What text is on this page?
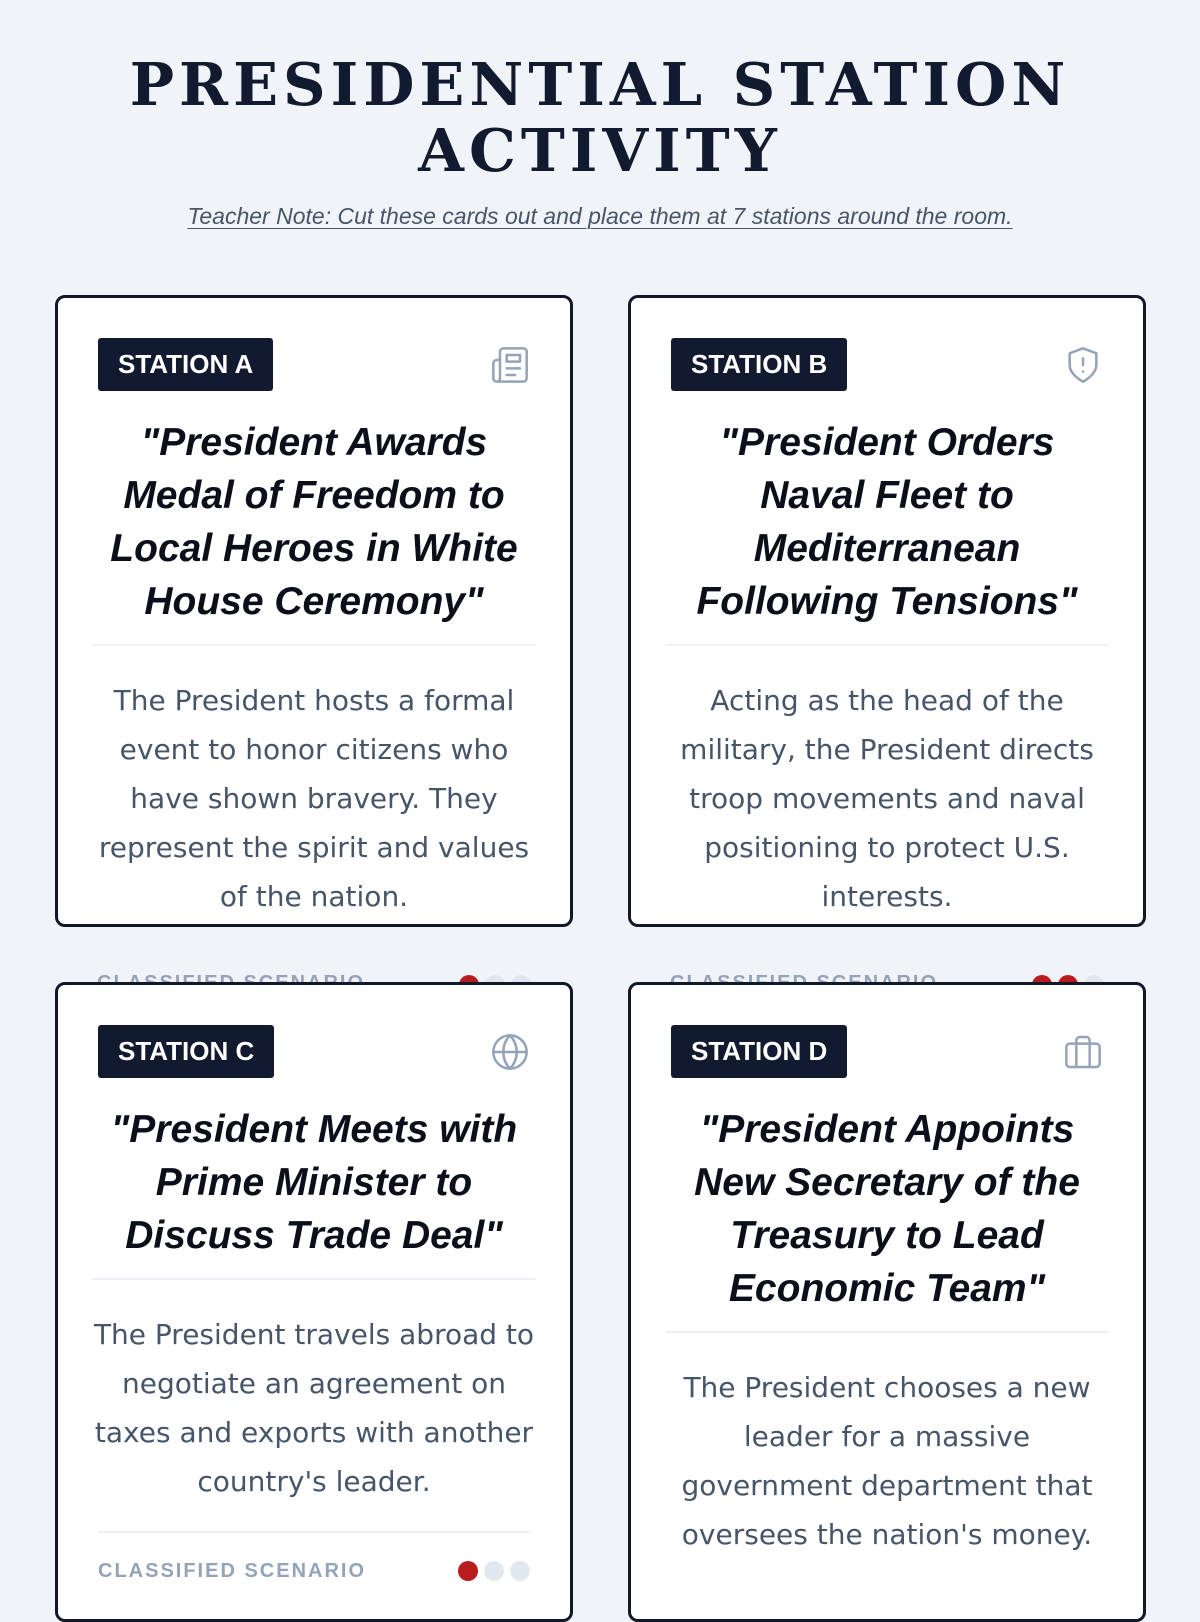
PRESIDENTIAL STATION ACTIVITY
Teacher Note: Cut these cards out and place them at 7 stations around the room.
STATION A
"President Awards Medal of Freedom to Local Heroes in White House Ceremony"
The President hosts a formal event to honor citizens who have shown bravery. They represent the spirit and values of the nation.
STATION B
"President Orders Naval Fleet to Mediterranean Following Tensions"
Acting as the head of the military, the President directs troop movements and naval positioning to protect U.S. interests.
STATION C
"President Meets with Prime Minister to Discuss Trade Deal"
The President travels abroad to negotiate an agreement on taxes and exports with another country's leader.
CLASSIFIED SCENARIO
STATION D
"President Appoints New Secretary of the Treasury to Lead Economic Team"
The President chooses a new leader for a massive government department that oversees the nation's money.
